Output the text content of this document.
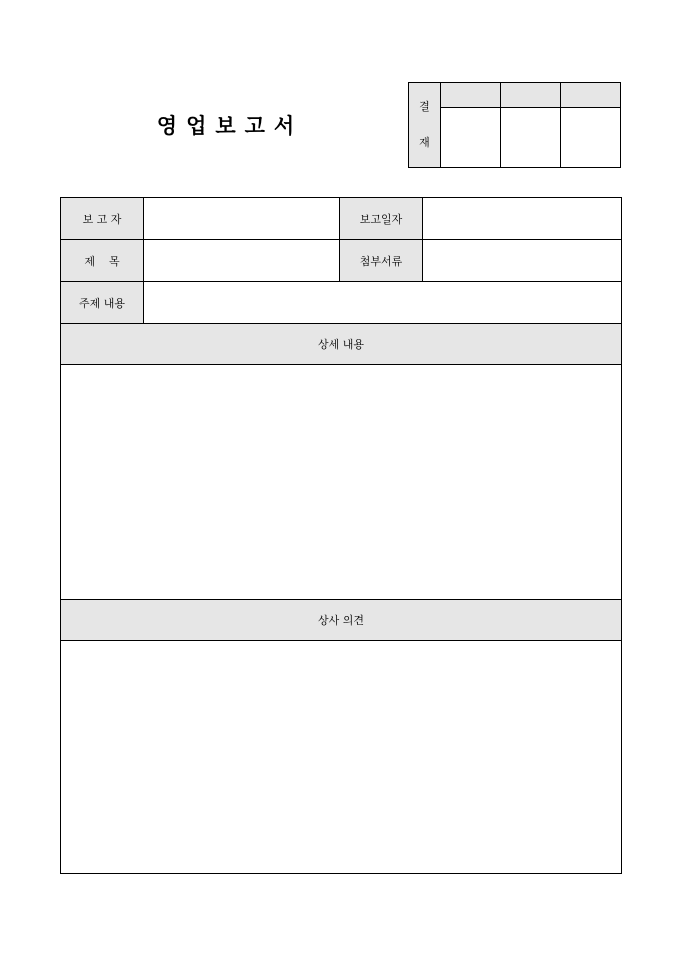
영업보고서
결
재			

보 고 자		보고일자	
제    목		첨부서류	
주제 내용			
상세 내용			

상사 의견			
